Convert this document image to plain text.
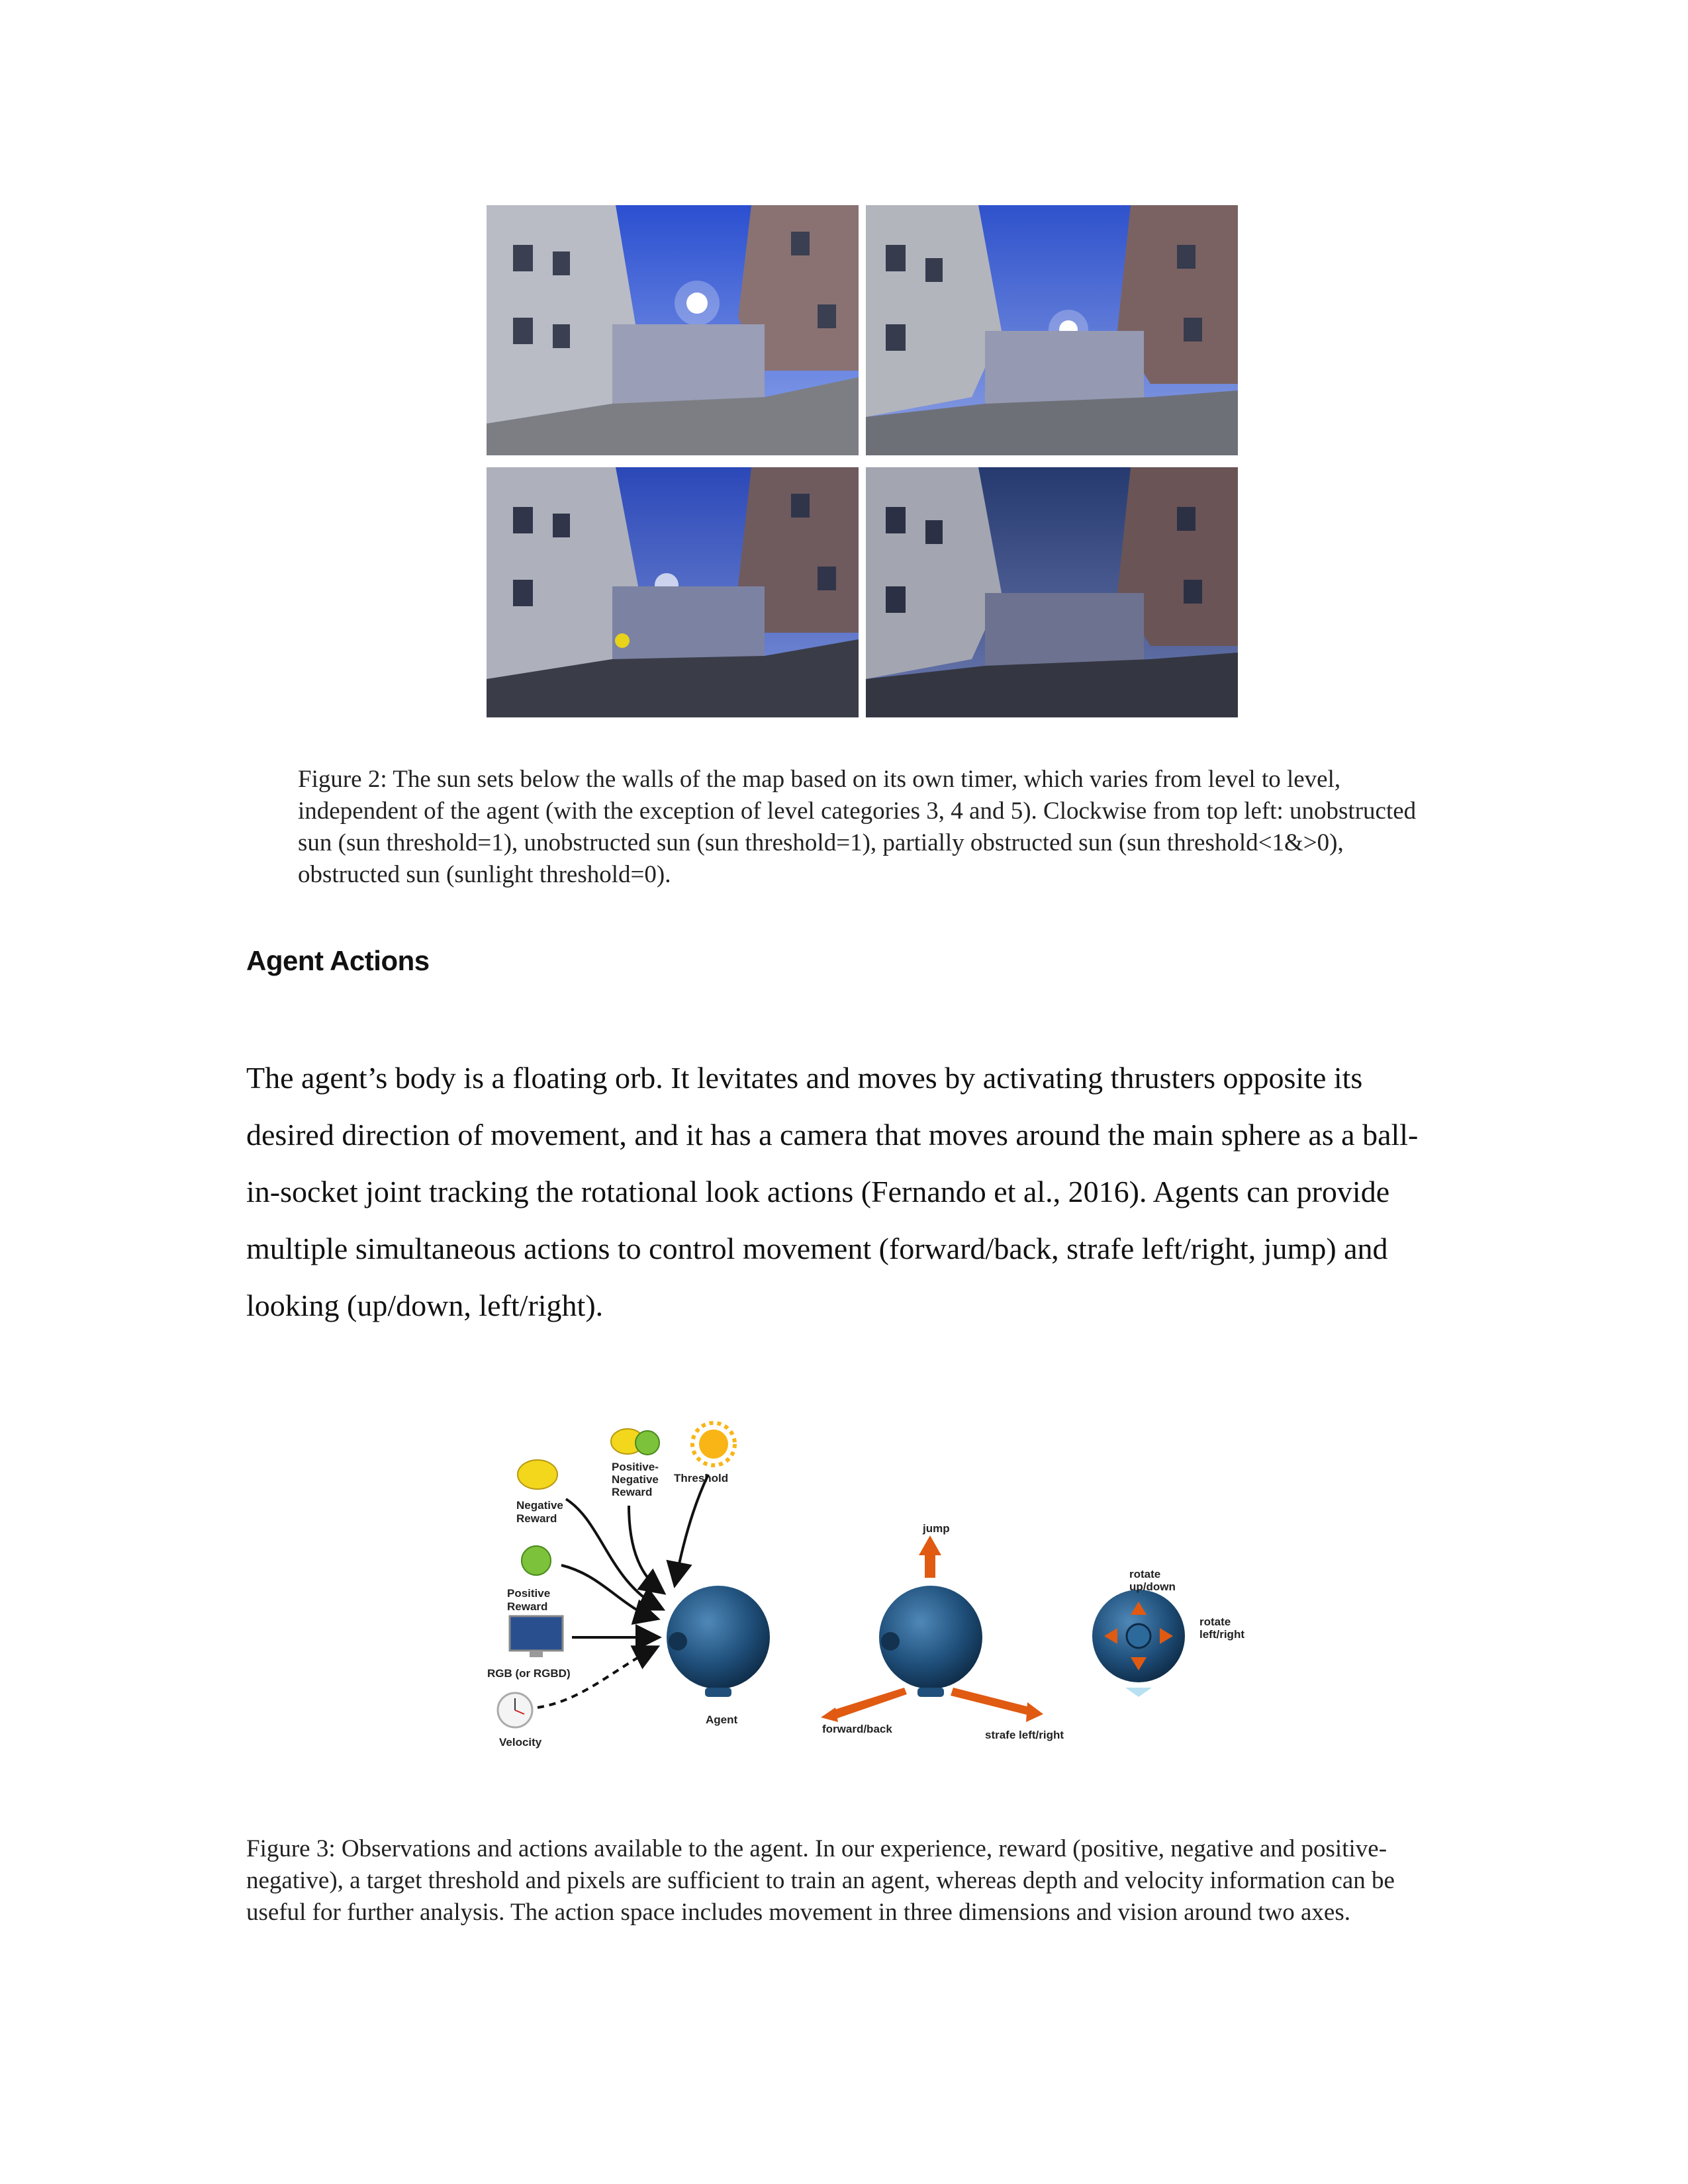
Figure 2: The sun sets below the walls of the map based on its own timer, which varies from level to level, independent of the agent (with the exception of level categories 3, 4 and 5). Clockwise from top left: unobstructed sun (sun threshold=1), unobstructed sun (sun threshold=1), partially obstructed sun (sun threshold<1&>0), obstructed sun (sunlight threshold=0).
Agent Actions
The agent’s body is a floating orb. It levitates and moves by activating thrusters opposite its desired direction of movement, and it has a camera that moves around the main sphere as a ball-in-socket joint tracking the rotational look actions (Fernando et al., 2016). Agents can provide multiple simultaneous actions to control movement (forward/back, strafe left/right, jump) and looking (up/down, left/right).
Negative
Reward
Positive-
Negative
Reward
Threshold
Positive
Reward
RGB (or RGBD)
Velocity
Agent
jump
forward/back	strafe left/right
rotate
up/down
rotate
left/right
Figure 3: Observations and actions available to the agent. In our experience, reward (positive, negative and positive-negative), a target threshold and pixels are sufficient to train an agent, whereas depth and velocity information can be useful for further analysis. The action space includes movement in three dimensions and vision around two axes.
